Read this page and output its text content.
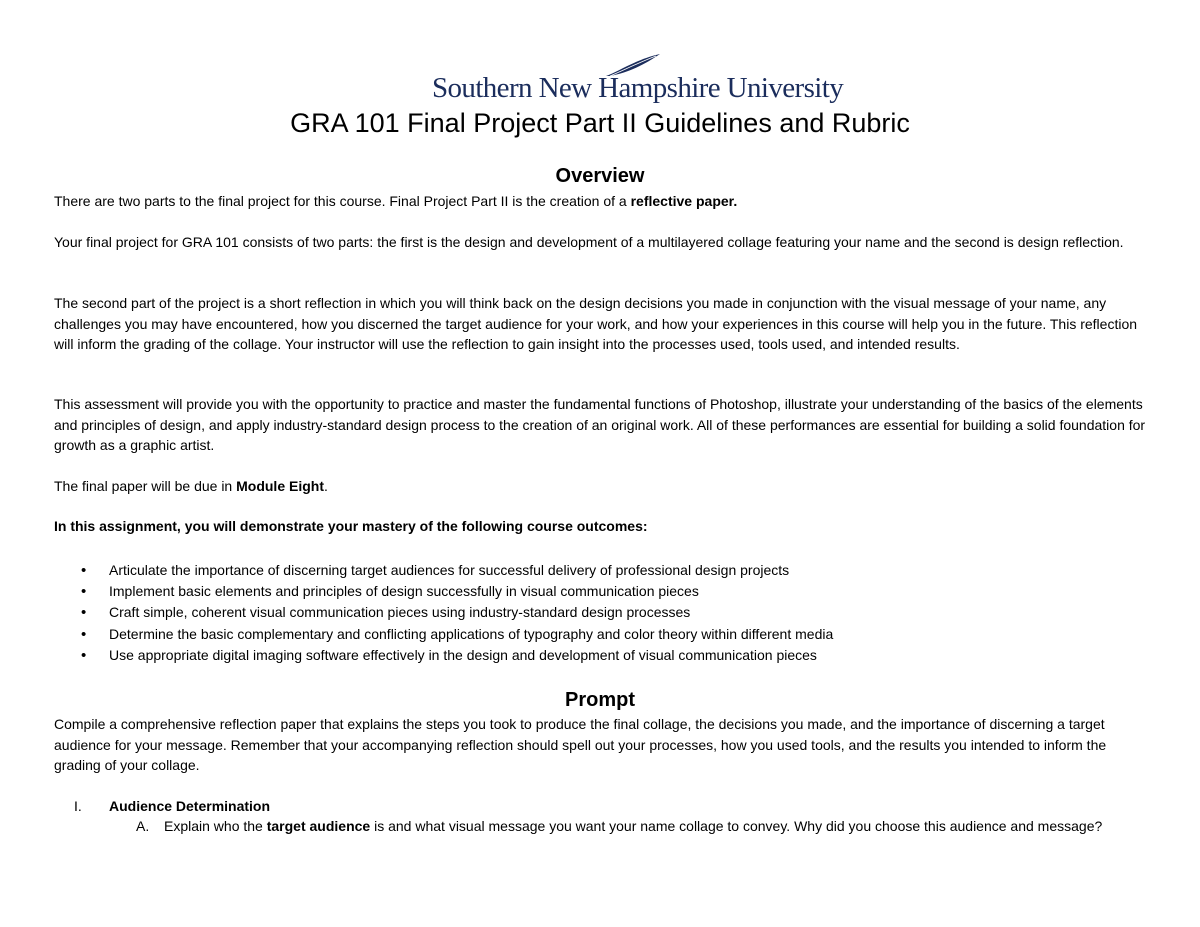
Southern New Hampshire University
GRA 101 Final Project Part II Guidelines and Rubric
Overview
There are two parts to the final project for this course. Final Project Part II is the creation of a reflective paper.
Your final project for GRA 101 consists of two parts: the first is the design and development of a multilayered collage featuring your name and the second is design reflection.
The second part of the project is a short reflection in which you will think back on the design decisions you made in conjunction with the visual message of your name, any challenges you may have encountered, how you discerned the target audience for your work, and how your experiences in this course will help you in the future. This reflection will inform the grading of the collage. Your instructor will use the reflection to gain insight into the processes used, tools used, and intended results.
This assessment will provide you with the opportunity to practice and master the fundamental functions of Photoshop, illustrate your understanding of the basics of the elements and principles of design, and apply industry-standard design process to the creation of an original work. All of these performances are essential for building a solid foundation for growth as a graphic artist.
The final paper will be due in Module Eight.
In this assignment, you will demonstrate your mastery of the following course outcomes:
• Articulate the importance of discerning target audiences for successful delivery of professional design projects
• Implement basic elements and principles of design successfully in visual communication pieces
• Craft simple, coherent visual communication pieces using industry-standard design processes
• Determine the basic complementary and conflicting applications of typography and color theory within different media
• Use appropriate digital imaging software effectively in the design and development of visual communication pieces
Prompt
Compile a comprehensive reflection paper that explains the steps you took to produce the final collage, the decisions you made, and the importance of discerning a target audience for your message. Remember that your accompanying reflection should spell out your processes, how you used tools, and the results you intended to inform the grading of your collage.
I. Audience Determination
A. Explain who the target audience is and what visual message you want your name collage to convey. Why did you choose this audience and message?
